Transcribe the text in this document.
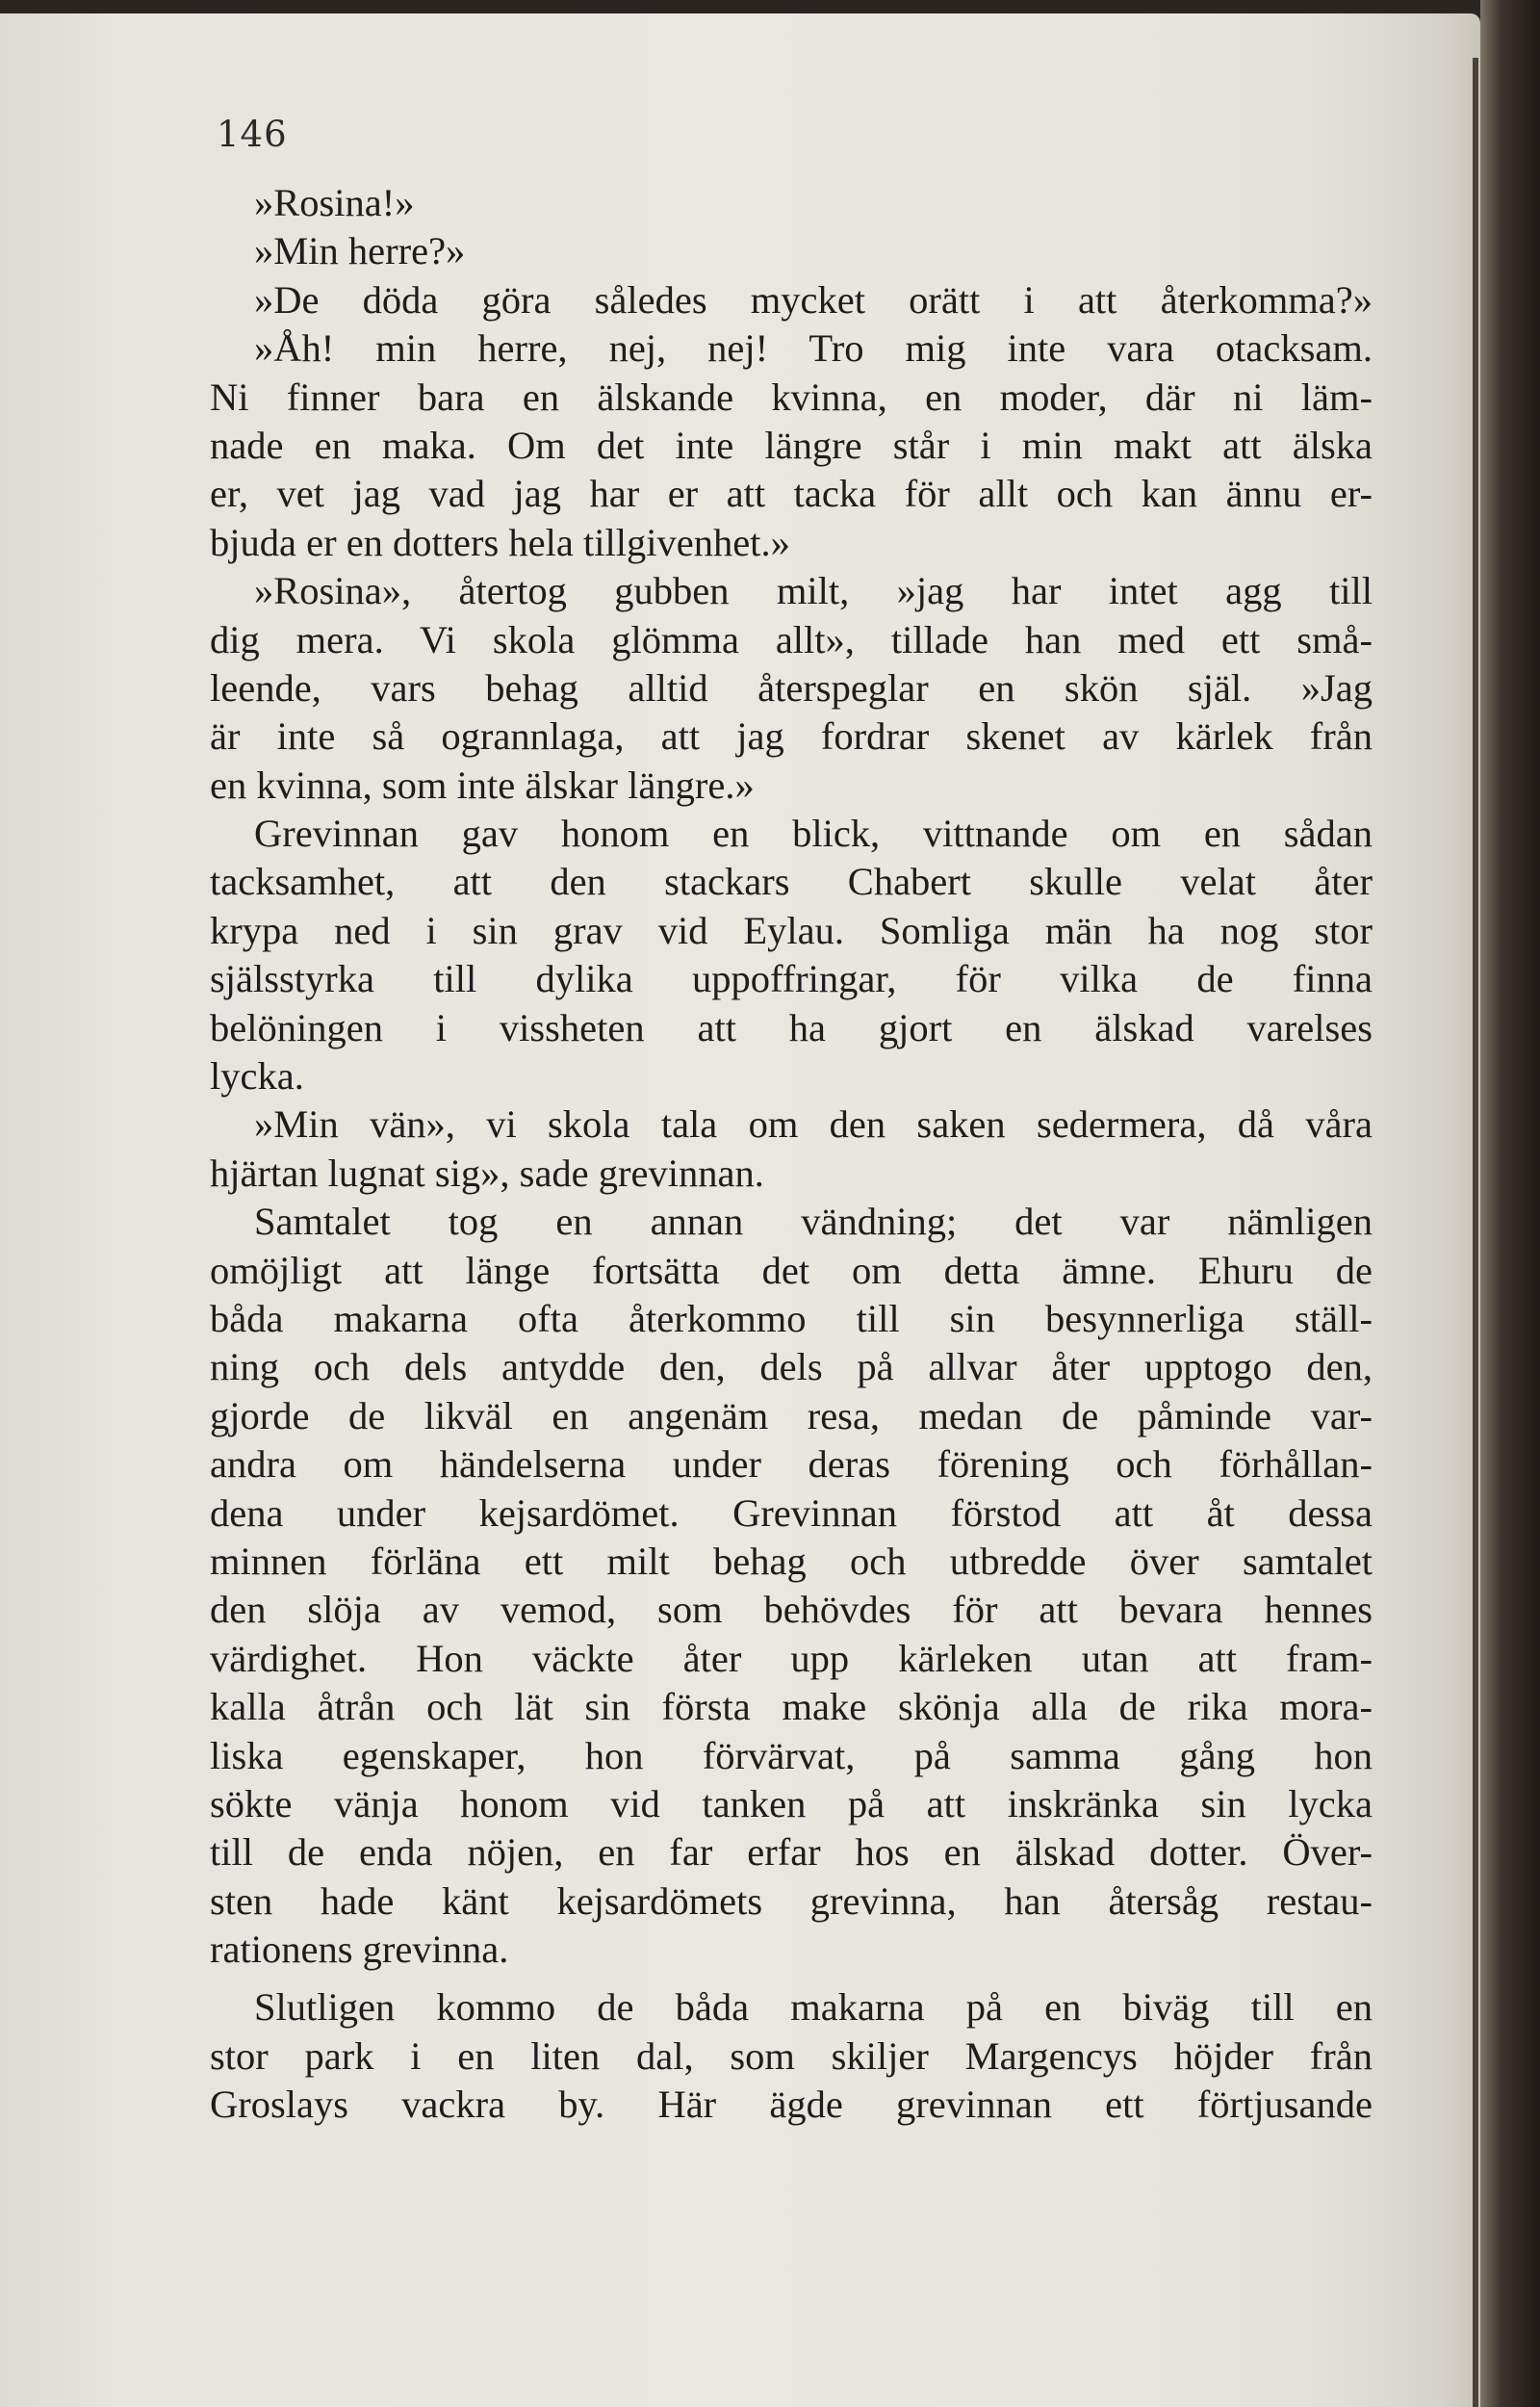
146
»Rosina!»
»Min herre?»
»De döda göra således mycket orätt i att återkomma?»
»Åh! min herre, nej, nej! Tro mig inte vara otacksam.
Ni finner bara en älskande kvinna, en moder, där ni läm-
nade en maka. Om det inte längre står i min makt att älska
er, vet jag vad jag har er att tacka för allt och kan ännu er-
bjuda er en dotters hela tillgivenhet.»
»Rosina», återtog gubben milt, »jag har intet agg till
dig mera. Vi skola glömma allt», tillade han med ett små-
leende, vars behag alltid återspeglar en skön själ. »Jag
är inte så ogrannlaga, att jag fordrar skenet av kärlek från
en kvinna, som inte älskar längre.»
Grevinnan gav honom en blick, vittnande om en sådan
tacksamhet, att den stackars Chabert skulle velat åter
krypa ned i sin grav vid Eylau. Somliga män ha nog stor
själsstyrka till dylika uppoffringar, för vilka de finna
belöningen i vissheten att ha gjort en älskad varelses
lycka.
»Min vän», vi skola tala om den saken sedermera, då våra
hjärtan lugnat sig», sade grevinnan.
Samtalet tog en annan vändning; det var nämligen
omöjligt att länge fortsätta det om detta ämne. Ehuru de
båda makarna ofta återkommo till sin besynnerliga ställ-
ning och dels antydde den, dels på allvar åter upptogo den,
gjorde de likväl en angenäm resa, medan de påminde var-
andra om händelserna under deras förening och förhållan-
dena under kejsardömet. Grevinnan förstod att åt dessa
minnen förläna ett milt behag och utbredde över samtalet
den slöja av vemod, som behövdes för att bevara hennes
värdighet. Hon väckte åter upp kärleken utan att fram-
kalla åtrån och lät sin första make skönja alla de rika mora-
liska egenskaper, hon förvärvat, på samma gång hon
sökte vänja honom vid tanken på att inskränka sin lycka
till de enda nöjen, en far erfar hos en älskad dotter. Över-
sten hade känt kejsardömets grevinna, han återsåg restau-
rationens grevinna.
Slutligen kommo de båda makarna på en biväg till en
stor park i en liten dal, som skiljer Margencys höjder från
Groslays vackra by. Här ägde grevinnan ett förtjusande
